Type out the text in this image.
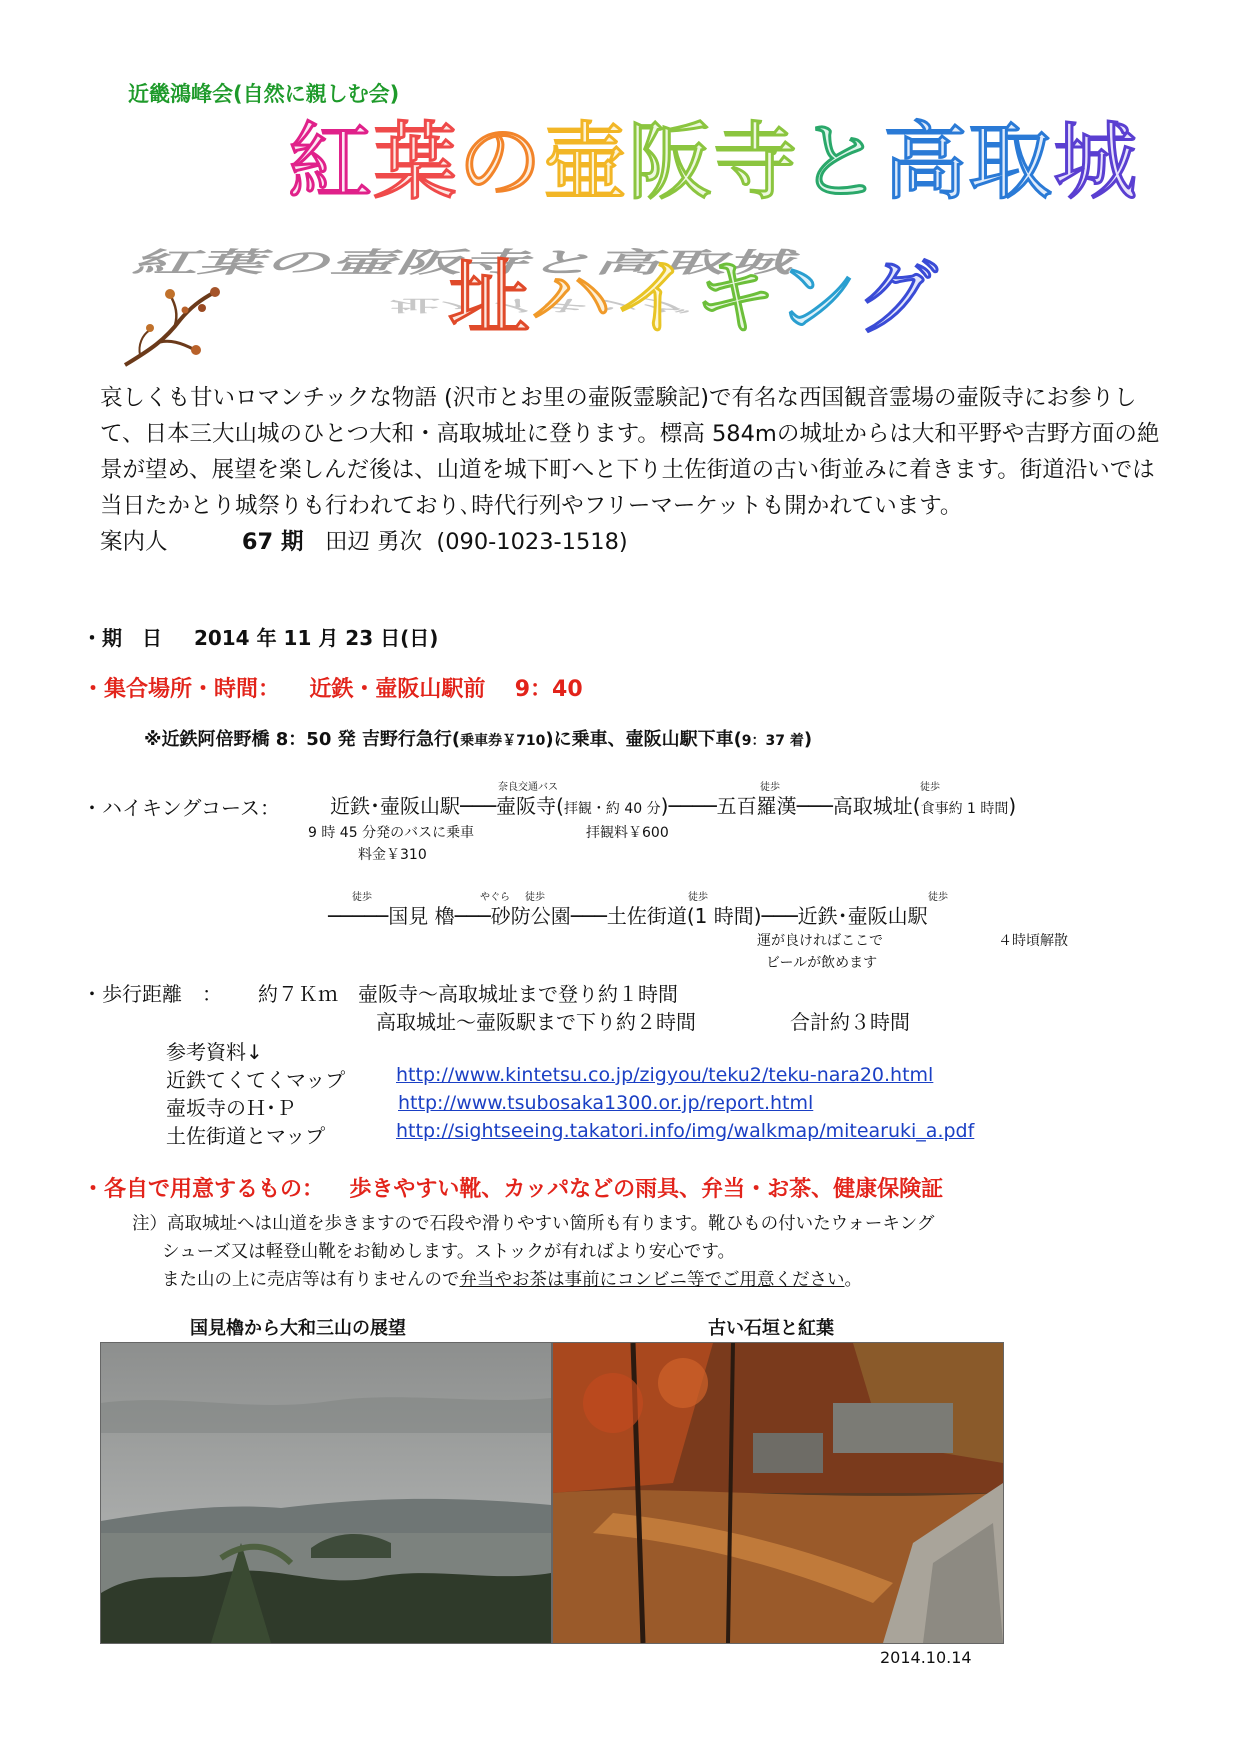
近畿鴻峰会(自然に親しむ会)
紅葉の壷阪寺と高取城
址ハイキング
紅葉の壷阪寺と高取城
址ハイキング
哀しくも甘いロマンチックな物語 (沢市とお里の壷阪霊験記)で有名な西国観音霊場の壷阪寺にお参りして、日本三大山城のひとつ大和・高取城址に登ります。標高 584mの城址からは大和平野や吉野方面の絶景が望め、展望を楽しんだ後は、山道を城下町へと下り土佐街道の古い街並みに着きます。街道沿いでは当日たかとり城祭りも行われており､時代行列やフリーマーケットも開かれています。  案内人	67 期 田辺 勇次 (090-1023-1518)
・期　日 2014 年 11 月 23 日(日)
・集合場所・時間： 近鉄・壷阪山駅前 9：40
※近鉄阿倍野橋 8：50 発 吉野行急行(乗車券￥710)に乗車、壷阪山駅下車(9：37 着)
・ハイキングコース：	近鉄･壷阪山駅───壷阪寺(拝観・約 40 分)────五百羅漢───高取城址(食事約 1 時間)
奈良交通バス	徒歩	徒歩
9 時 45 分発のバスに乗車
料金￥310
拝観料￥600
─────国見 櫓───砂防公園───土佐街道(1 時間)───近鉄･壷阪山駅
徒歩	やぐら 徒歩	徒歩	徒歩
運が良ければここで
ビールが飲めます
４時頃解散
・歩行距離　： 約７Ｋｍ　壷阪寺～高取城址まで登り約１時間
高取城址～壷阪駅まで下り約２時間	合計約３時間
参考資料↓
近鉄てくてくマップ	http://www.kintetsu.co.jp/zigyou/teku2/teku-nara20.html
壷坂寺のＨ･Ｐ	http://www.tsubosaka1300.or.jp/report.html
土佐街道とマップ	http://sightseeing.takatori.info/img/walkmap/mitearuki_a.pdf
・各自で用意するもの： 歩きやすい靴、カッパなどの雨具、弁当・お茶、健康保険証
注）高取城址へは山道を歩きますので石段や滑りやすい箇所も有ります。靴ひもの付いたウォーキング
シューズ又は軽登山靴をお勧めします。ストックが有ればより安心です。
また山の上に売店等は有りませんので弁当やお茶は事前にコンビニ等でご用意ください。
国見櫓から大和三山の展望	古い石垣と紅葉
2014.10.14
